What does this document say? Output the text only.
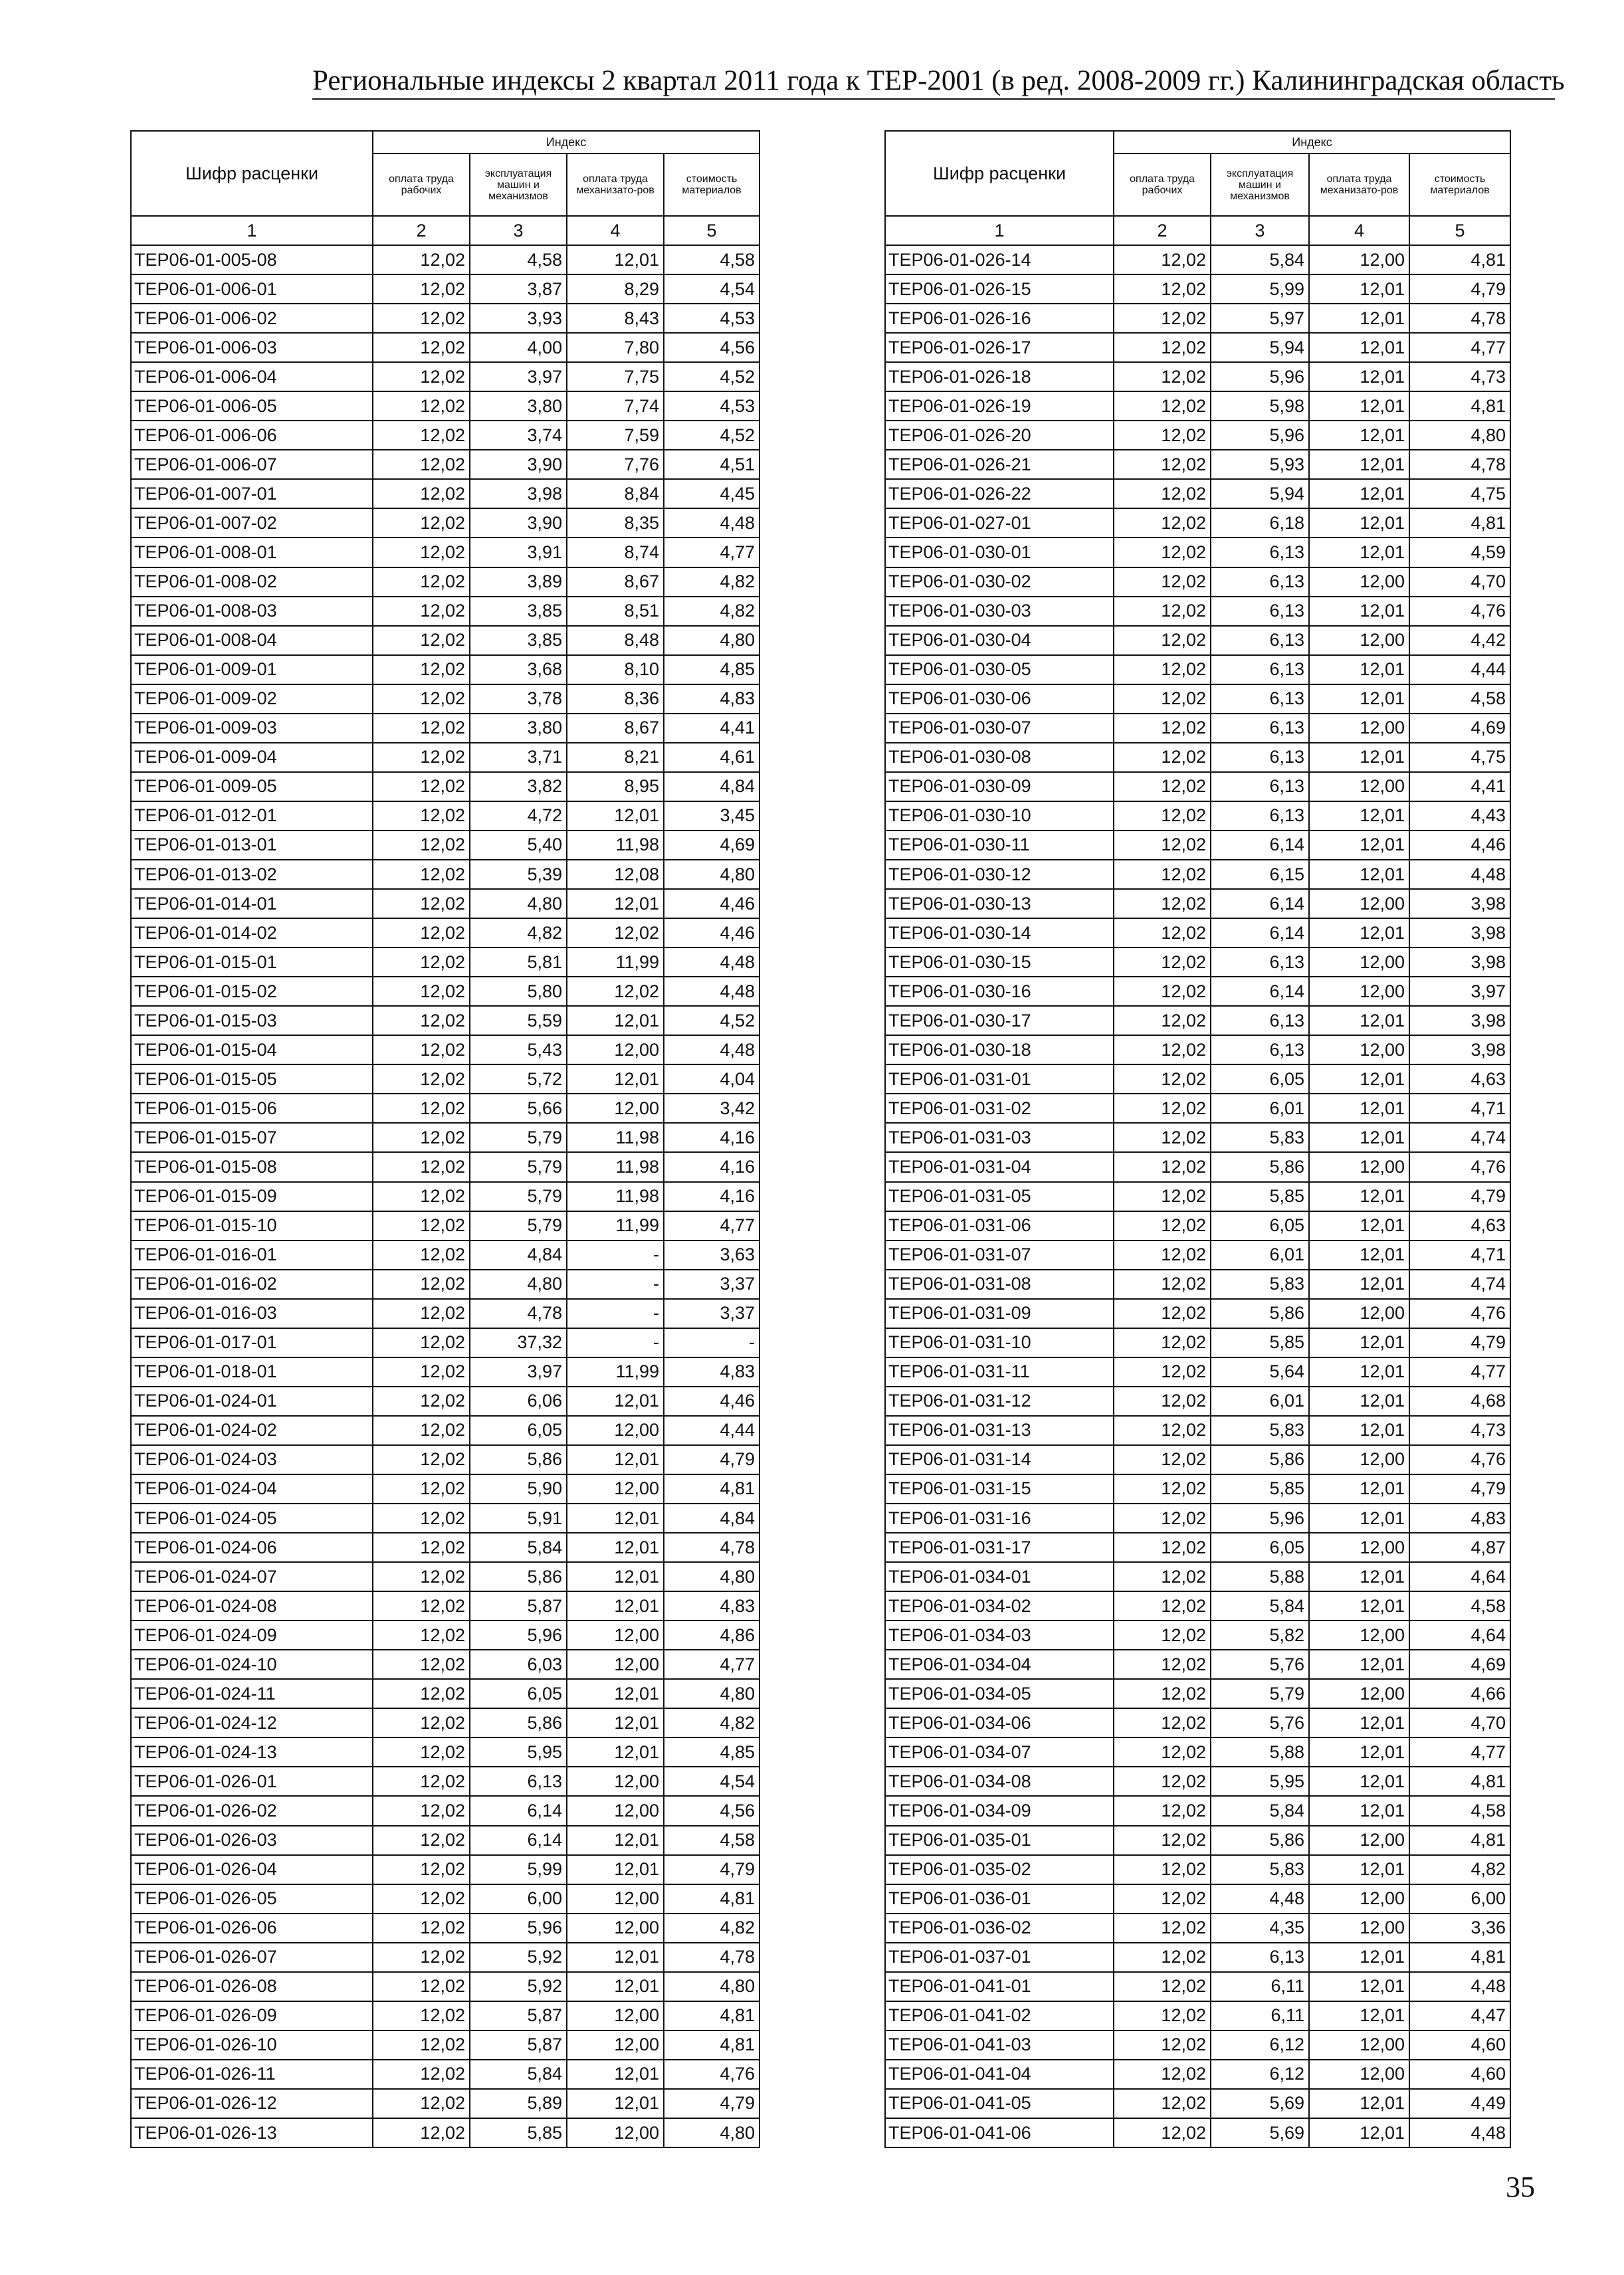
Региональные индексы 2 квартал 2011 года к ТЕР-2001 (в ред. 2008-2009 гг.) Калининградская область
Шифр расценки	Индекс			
	оплата труда рабочих	эксплуатация машин и механизмов	оплата труда механизато-ров	стоимость материалов
1	2	3	4	5
ТЕР06-01-005-08	12,02	4,58	12,01	4,58
ТЕР06-01-006-01	12,02	3,87	8,29	4,54
ТЕР06-01-006-02	12,02	3,93	8,43	4,53
ТЕР06-01-006-03	12,02	4,00	7,80	4,56
ТЕР06-01-006-04	12,02	3,97	7,75	4,52
ТЕР06-01-006-05	12,02	3,80	7,74	4,53
ТЕР06-01-006-06	12,02	3,74	7,59	4,52
ТЕР06-01-006-07	12,02	3,90	7,76	4,51
ТЕР06-01-007-01	12,02	3,98	8,84	4,45
ТЕР06-01-007-02	12,02	3,90	8,35	4,48
ТЕР06-01-008-01	12,02	3,91	8,74	4,77
ТЕР06-01-008-02	12,02	3,89	8,67	4,82
ТЕР06-01-008-03	12,02	3,85	8,51	4,82
ТЕР06-01-008-04	12,02	3,85	8,48	4,80
ТЕР06-01-009-01	12,02	3,68	8,10	4,85
ТЕР06-01-009-02	12,02	3,78	8,36	4,83
ТЕР06-01-009-03	12,02	3,80	8,67	4,41
ТЕР06-01-009-04	12,02	3,71	8,21	4,61
ТЕР06-01-009-05	12,02	3,82	8,95	4,84
ТЕР06-01-012-01	12,02	4,72	12,01	3,45
ТЕР06-01-013-01	12,02	5,40	11,98	4,69
ТЕР06-01-013-02	12,02	5,39	12,08	4,80
ТЕР06-01-014-01	12,02	4,80	12,01	4,46
ТЕР06-01-014-02	12,02	4,82	12,02	4,46
ТЕР06-01-015-01	12,02	5,81	11,99	4,48
ТЕР06-01-015-02	12,02	5,80	12,02	4,48
ТЕР06-01-015-03	12,02	5,59	12,01	4,52
ТЕР06-01-015-04	12,02	5,43	12,00	4,48
ТЕР06-01-015-05	12,02	5,72	12,01	4,04
ТЕР06-01-015-06	12,02	5,66	12,00	3,42
ТЕР06-01-015-07	12,02	5,79	11,98	4,16
ТЕР06-01-015-08	12,02	5,79	11,98	4,16
ТЕР06-01-015-09	12,02	5,79	11,98	4,16
ТЕР06-01-015-10	12,02	5,79	11,99	4,77
ТЕР06-01-016-01	12,02	4,84	-	3,63
ТЕР06-01-016-02	12,02	4,80	-	3,37
ТЕР06-01-016-03	12,02	4,78	-	3,37
ТЕР06-01-017-01	12,02	37,32	-	-
ТЕР06-01-018-01	12,02	3,97	11,99	4,83
ТЕР06-01-024-01	12,02	6,06	12,01	4,46
ТЕР06-01-024-02	12,02	6,05	12,00	4,44
ТЕР06-01-024-03	12,02	5,86	12,01	4,79
ТЕР06-01-024-04	12,02	5,90	12,00	4,81
ТЕР06-01-024-05	12,02	5,91	12,01	4,84
ТЕР06-01-024-06	12,02	5,84	12,01	4,78
ТЕР06-01-024-07	12,02	5,86	12,01	4,80
ТЕР06-01-024-08	12,02	5,87	12,01	4,83
ТЕР06-01-024-09	12,02	5,96	12,00	4,86
ТЕР06-01-024-10	12,02	6,03	12,00	4,77
ТЕР06-01-024-11	12,02	6,05	12,01	4,80
ТЕР06-01-024-12	12,02	5,86	12,01	4,82
ТЕР06-01-024-13	12,02	5,95	12,01	4,85
ТЕР06-01-026-01	12,02	6,13	12,00	4,54
ТЕР06-01-026-02	12,02	6,14	12,00	4,56
ТЕР06-01-026-03	12,02	6,14	12,01	4,58
ТЕР06-01-026-04	12,02	5,99	12,01	4,79
ТЕР06-01-026-05	12,02	6,00	12,00	4,81
ТЕР06-01-026-06	12,02	5,96	12,00	4,82
ТЕР06-01-026-07	12,02	5,92	12,01	4,78
ТЕР06-01-026-08	12,02	5,92	12,01	4,80
ТЕР06-01-026-09	12,02	5,87	12,00	4,81
ТЕР06-01-026-10	12,02	5,87	12,00	4,81
ТЕР06-01-026-11	12,02	5,84	12,01	4,76
ТЕР06-01-026-12	12,02	5,89	12,01	4,79
ТЕР06-01-026-13	12,02	5,85	12,00	4,80
Шифр расценки	Индекс			
	оплата труда рабочих	эксплуатация машин и механизмов	оплата труда механизато-ров	стоимость материалов
1	2	3	4	5
ТЕР06-01-026-14	12,02	5,84	12,00	4,81
ТЕР06-01-026-15	12,02	5,99	12,01	4,79
ТЕР06-01-026-16	12,02	5,97	12,01	4,78
ТЕР06-01-026-17	12,02	5,94	12,01	4,77
ТЕР06-01-026-18	12,02	5,96	12,01	4,73
ТЕР06-01-026-19	12,02	5,98	12,01	4,81
ТЕР06-01-026-20	12,02	5,96	12,01	4,80
ТЕР06-01-026-21	12,02	5,93	12,01	4,78
ТЕР06-01-026-22	12,02	5,94	12,01	4,75
ТЕР06-01-027-01	12,02	6,18	12,01	4,81
ТЕР06-01-030-01	12,02	6,13	12,01	4,59
ТЕР06-01-030-02	12,02	6,13	12,00	4,70
ТЕР06-01-030-03	12,02	6,13	12,01	4,76
ТЕР06-01-030-04	12,02	6,13	12,00	4,42
ТЕР06-01-030-05	12,02	6,13	12,01	4,44
ТЕР06-01-030-06	12,02	6,13	12,01	4,58
ТЕР06-01-030-07	12,02	6,13	12,00	4,69
ТЕР06-01-030-08	12,02	6,13	12,01	4,75
ТЕР06-01-030-09	12,02	6,13	12,00	4,41
ТЕР06-01-030-10	12,02	6,13	12,01	4,43
ТЕР06-01-030-11	12,02	6,14	12,01	4,46
ТЕР06-01-030-12	12,02	6,15	12,01	4,48
ТЕР06-01-030-13	12,02	6,14	12,00	3,98
ТЕР06-01-030-14	12,02	6,14	12,01	3,98
ТЕР06-01-030-15	12,02	6,13	12,00	3,98
ТЕР06-01-030-16	12,02	6,14	12,00	3,97
ТЕР06-01-030-17	12,02	6,13	12,01	3,98
ТЕР06-01-030-18	12,02	6,13	12,00	3,98
ТЕР06-01-031-01	12,02	6,05	12,01	4,63
ТЕР06-01-031-02	12,02	6,01	12,01	4,71
ТЕР06-01-031-03	12,02	5,83	12,01	4,74
ТЕР06-01-031-04	12,02	5,86	12,00	4,76
ТЕР06-01-031-05	12,02	5,85	12,01	4,79
ТЕР06-01-031-06	12,02	6,05	12,01	4,63
ТЕР06-01-031-07	12,02	6,01	12,01	4,71
ТЕР06-01-031-08	12,02	5,83	12,01	4,74
ТЕР06-01-031-09	12,02	5,86	12,00	4,76
ТЕР06-01-031-10	12,02	5,85	12,01	4,79
ТЕР06-01-031-11	12,02	5,64	12,01	4,77
ТЕР06-01-031-12	12,02	6,01	12,01	4,68
ТЕР06-01-031-13	12,02	5,83	12,01	4,73
ТЕР06-01-031-14	12,02	5,86	12,00	4,76
ТЕР06-01-031-15	12,02	5,85	12,01	4,79
ТЕР06-01-031-16	12,02	5,96	12,01	4,83
ТЕР06-01-031-17	12,02	6,05	12,00	4,87
ТЕР06-01-034-01	12,02	5,88	12,01	4,64
ТЕР06-01-034-02	12,02	5,84	12,01	4,58
ТЕР06-01-034-03	12,02	5,82	12,00	4,64
ТЕР06-01-034-04	12,02	5,76	12,01	4,69
ТЕР06-01-034-05	12,02	5,79	12,00	4,66
ТЕР06-01-034-06	12,02	5,76	12,01	4,70
ТЕР06-01-034-07	12,02	5,88	12,01	4,77
ТЕР06-01-034-08	12,02	5,95	12,01	4,81
ТЕР06-01-034-09	12,02	5,84	12,01	4,58
ТЕР06-01-035-01	12,02	5,86	12,00	4,81
ТЕР06-01-035-02	12,02	5,83	12,01	4,82
ТЕР06-01-036-01	12,02	4,48	12,00	6,00
ТЕР06-01-036-02	12,02	4,35	12,00	3,36
ТЕР06-01-037-01	12,02	6,13	12,01	4,81
ТЕР06-01-041-01	12,02	6,11	12,01	4,48
ТЕР06-01-041-02	12,02	6,11	12,01	4,47
ТЕР06-01-041-03	12,02	6,12	12,00	4,60
ТЕР06-01-041-04	12,02	6,12	12,00	4,60
ТЕР06-01-041-05	12,02	5,69	12,01	4,49
ТЕР06-01-041-06	12,02	5,69	12,01	4,48
35
